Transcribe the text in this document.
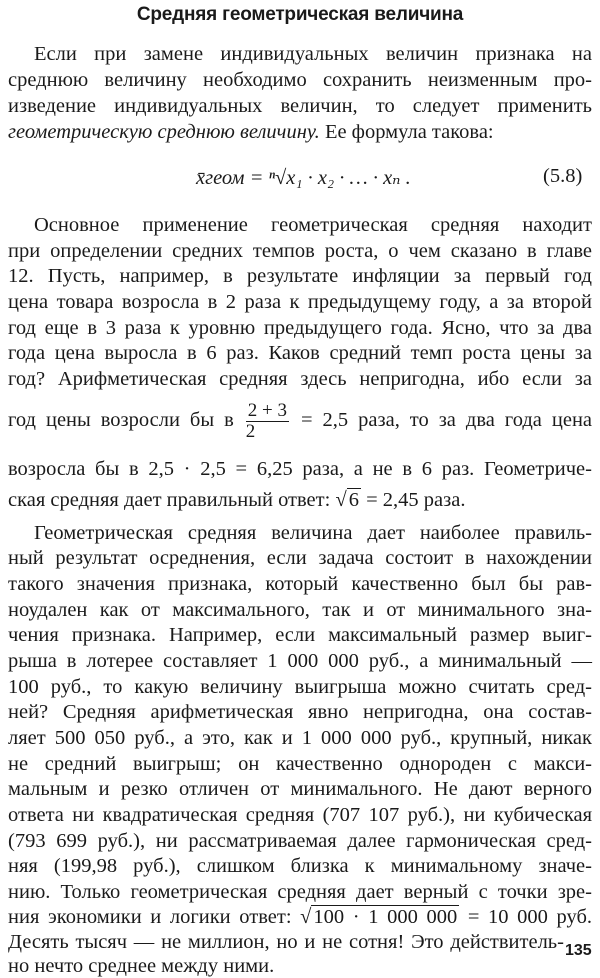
Средняя геометрическая величина
Если при замене индивидуальных величин признака на
среднюю величину необходимо сохранить неизменным про-
изведение индивидуальных величин, то следует применить
геометрическую среднюю величину. Ее формула такова:
x̄геом = ⁿ√x₁ · x₂ · … · xₙ .	(5.8)
Основное применение геометрическая средняя находит
при определении средних темпов роста, о чем сказано в главе
12. Пусть, например, в результате инфляции за первый год
цена товара возросла в 2 раза к предыдущему году, а за второй
год еще в 3 раза к уровню предыдущего года. Ясно, что за два
года цена выросла в 6 раз. Каков средний темп роста цены за
год? Арифметическая средняя здесь непригодна, ибо если за
год цены возросли бы в $\frac{2 + 3}{2} = 2,5$ раза, то за два года цена
возросла бы в 2,5 · 2,5 = 6,25 раза, а не в 6 раз. Геометриче-
ская средняя дает правильный ответ: √6 = 2,45 раза.
Геометрическая средняя величина дает наиболее правиль-
ный результат осреднения, если задача состоит в нахождении
такого значения признака, который качественно был бы рав-
ноудален как от максимального, так и от минимального зна-
чения признака. Например, если максимальный размер выиг-
рыша в лотерее составляет 1 000 000 руб., а минимальный —
100 руб., то какую величину выигрыша можно считать сред-
ней? Средняя арифметическая явно непригодна, она состав-
ляет 500 050 руб., а это, как и 1 000 000 руб., крупный, никак
не средний выигрыш; он качественно однороден с макси-
мальным и резко отличен от минимального. Не дают верного
ответа ни квадратическая средняя (707 107 руб.), ни кубическая
(793 699 руб.), ни рассматриваемая далее гармоническая сред-
няя (199,98 руб.), слишком близка к минимальному значе-
нию. Только геометрическая средняя дает верный с точки зре-
ния экономики и логики ответ: √100 · 1 000 000 = 10 000 руб.
Десять тысяч — не миллион, но и не сотня! Это действитель-
но нечто среднее между ними.
135
